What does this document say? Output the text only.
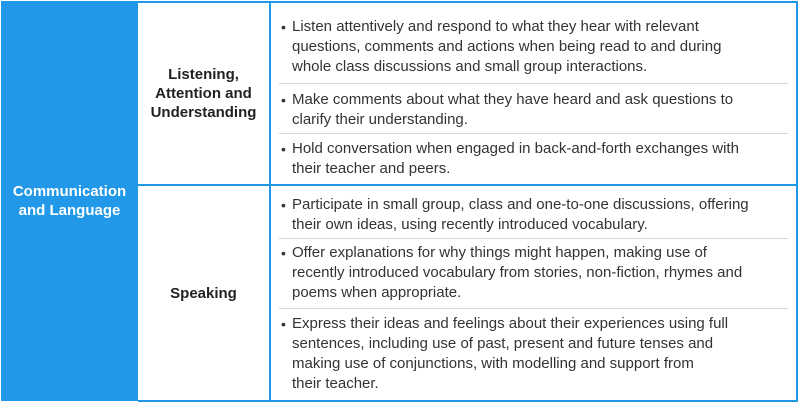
Communication
and Language
Listening,
Attention and
Understanding
• Listen attentively and respond to what they hear with relevant
questions, comments and actions when being read to and during
whole class discussions and small group interactions.
• Make comments about what they have heard and ask questions to
clarify their understanding.
• Hold conversation when engaged in back-and-forth exchanges with
their teacher and peers.
Speaking
• Participate in small group, class and one-to-one discussions, offering
their own ideas, using recently introduced vocabulary.
• Offer explanations for why things might happen, making use of
recently introduced vocabulary from stories, non-fiction, rhymes and
poems when appropriate.
• Express their ideas and feelings about their experiences using full
sentences, including use of past, present and future tenses and
making use of conjunctions, with modelling and support from
their teacher.
